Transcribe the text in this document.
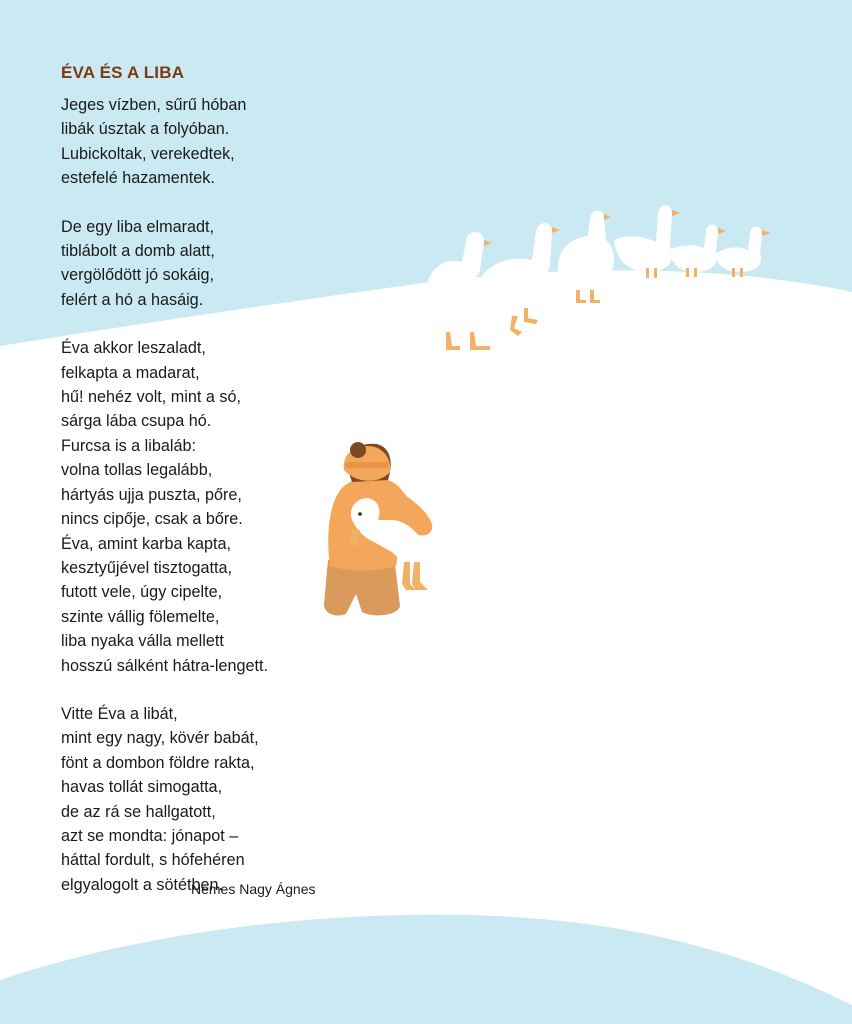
ÉVA ÉS A LIBA
Jeges vízben, sűrű hóban
libák úsztak a folyóban.
Lubickoltak, verekedtek,
estefelé hazamentek.
De egy liba elmaradt,
tiblábolt a domb alatt,
vergölődött jó sokáig,
felért a hó a hasáig.
Éva akkor leszaladt,
felkapta a madarat,
hű! nehéz volt, mint a só,
sárga lába csupa hó.
Furcsa is a libaláb:
volna tollas legalább,
hártyás ujja puszta, pőre,
nincs cipője, csak a bőre.
Éva, amint karba kapta,
kesztyűjével tisztogatta,
futott vele, úgy cipelte,
szinte vállig fölemelte,
liba nyaka válla mellett
hosszú sálként hátra-lengett.
Vitte Éva a libát,
mint egy nagy, kövér babát,
fönt a dombon földre rakta,
havas tollát simogatta,
de az rá se hallgatott,
azt se mondta: jónapot –
háttal fordult, s hófehéren
elgyalogolt a sötétben.
Nemes Nagy Ágnes
